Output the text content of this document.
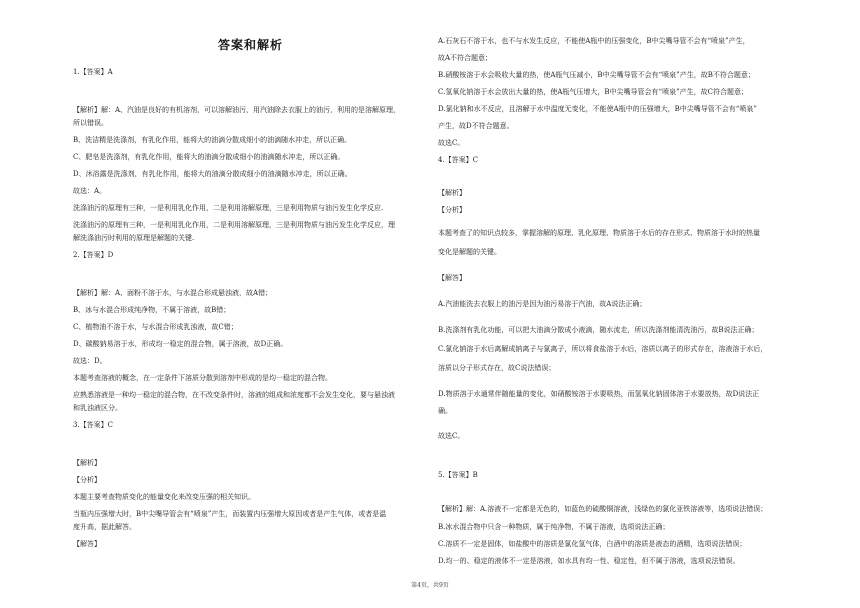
答案和解析
1.【答案】A
【解析】解：A、汽油是良好的有机溶剂，可以溶解油污，用汽油除去衣服上的油污，利用的是溶解原理，
所以错误。
B、洗洁精是洗涤剂，有乳化作用，能将大的油滴分散成细小的油滴随水冲走，所以正确。
C、肥皂是洗涤剂，有乳化作用，能将大的油滴分散成细小的油滴随水冲走，所以正确。
D、沐浴露是洗涤剂，有乳化作用，能将大的油滴分散成细小的油滴随水冲走，所以正确。
故选：A。
洗涤油污的原理有三种，一是利用乳化作用，二是利用溶解原理，三是利用物质与油污发生化学反应.
洗涤油污的原理有三种，一是利用乳化作用，二是利用溶解原理，三是利用物质与油污发生化学反应，理
解洗涤油污时利用的原理是解题的关键.
2.【答案】D
【解析】解：A、面粉不溶于水，与水混合形成悬浊液，故A错；
B、冰与水混合形成纯净物，不属于溶液，故B错；
C、植物油不溶于水，与水混合形成乳浊液，故C错；
D、碳酸钠易溶于水，形成均一稳定的混合物，属于溶液，故D正确。
故选：D。
本题考查溶液的概念，在一定条件下溶质分散到溶剂中形成的是均一稳定的混合物。
应熟悉溶液是一种均一稳定的混合物，在不改变条件时，溶液的组成和浓度都不会发生变化，要与悬浊液
和乳浊液区分。
3.【答案】C
【解析】
【分析】
本题主要考查物质变化的能量变化来改变压强的相关知识。
当瓶内压强增大时，B中尖嘴导管会有“喷泉”产生，而装置内压强增大原因或者是产生气体，或者是温
度升高，据此解答。
【解答】
A.石灰石不溶于水，也不与水发生反应，不能使A瓶中的压强变化，B中尖嘴导管不会有“喷泉”产生，
故A不符合题意；
B.硝酸铵溶于水会吸收大量的热，使A瓶气压减小，B中尖嘴导管不会有“喷泉”产生，故B不符合题意；
C.氢氧化钠溶于水会放出大量的热，使A瓶气压增大，B中尖嘴导管会有“喷泉”产生，故C符合题意；
D.氯化钠和水不反应，且溶解于水中温度无变化，不能使A瓶中的压强增大，B中尖嘴导管不会有“喷泉”
产生，故D不符合题意。
故选C。
4.【答案】C
【解析】
【分析】
本题考查了的知识点较多，掌握溶解的原理、乳化原理、物质溶于水后的存在形式、物质溶于水时的热量
变化是解题的关键。
【解答】
A.汽油能洗去衣服上的油污是因为油污易溶于汽油，故A说法正确；
B.洗涤剂有乳化功能，可以把大油滴分散成小液滴，随水流走，所以洗涤剂能清洗油污，故B说法正确；
C.氯化钠溶于水后离解成钠离子与氯离子，所以将食盐溶于水后，溶质以离子的形式存在，溶液溶于水后，
溶质以分子形式存在，故C说法错误；
D.物质溶于水通常伴随能量的变化，如硝酸铵溶于水要吸热，而氢氧化钠固体溶于水要放热，故D说法正
确。
故选C。
5.【答案】B
【解析】解：A.溶液不一定都是无色的，如蓝色的硫酸铜溶液，浅绿色的氯化亚铁溶液等，选项说法错误；
B.冰水混合物中只含一种物质，属于纯净物，不属于溶液，选项说法正确；
C.溶质不一定是固体，如盐酸中的溶质是氯化氢气体，白酒中的溶质是液态的酒精，选项说法错误；
D.均一的、稳定的液体不一定是溶液，如水具有均一性、稳定性，但不属于溶液，选项说法错误。
第4页，共9页
